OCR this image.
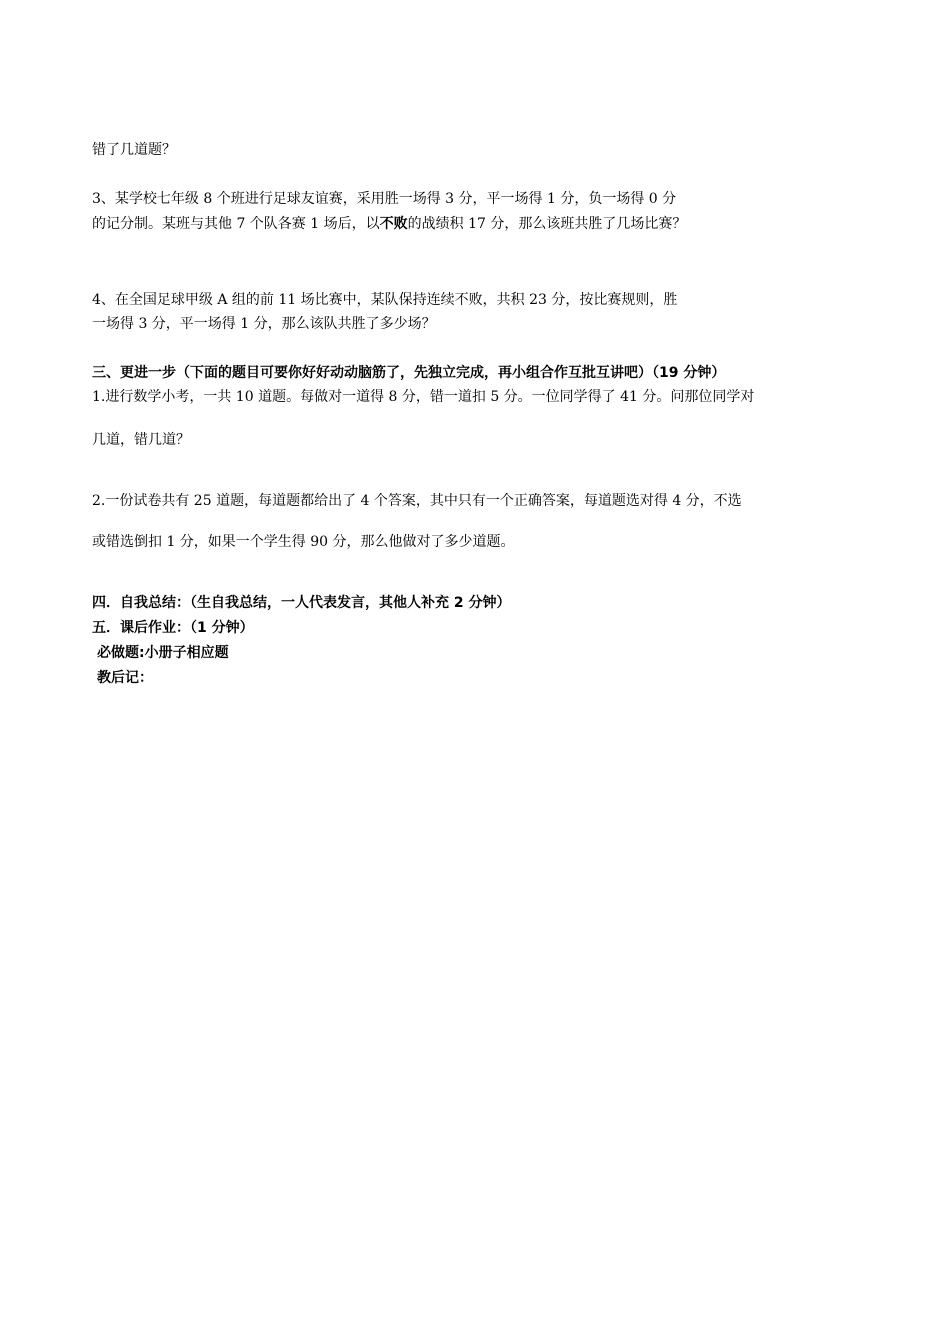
错了几道题？
3、某学校七年级 8 个班进行足球友谊赛，采用胜一场得 3 分，平一场得 1 分，负一场得 0 分
的记分制。某班与其他 7 个队各赛 1 场后，以不败的战绩积 17 分，那么该班共胜了几场比赛？
4、在全国足球甲级 A 组的前 11 场比赛中，某队保持连续不败，共积 23 分，按比赛规则，胜
一场得 3 分，平一场得 1 分，那么该队共胜了多少场？
三、更进一步（下面的题目可要你好好动动脑筋了，先独立完成，再小组合作互批互讲吧）（19 分钟）
1.进行数学小考，一共 10 道题。每做对一道得 8 分，错一道扣 5 分。一位同学得了 41 分。问那位同学对
几道，错几道？
2.一份试卷共有 25 道题，每道题都给出了 4 个答案，其中只有一个正确答案，每道题选对得 4 分，不选
或错选倒扣 1 分，如果一个学生得 90 分，那么他做对了多少道题。
四．自我总结：（生自我总结，一人代表发言，其他人补充 2 分钟）
五．课后作业：（1 分钟）
必做题:小册子相应题
教后记：
